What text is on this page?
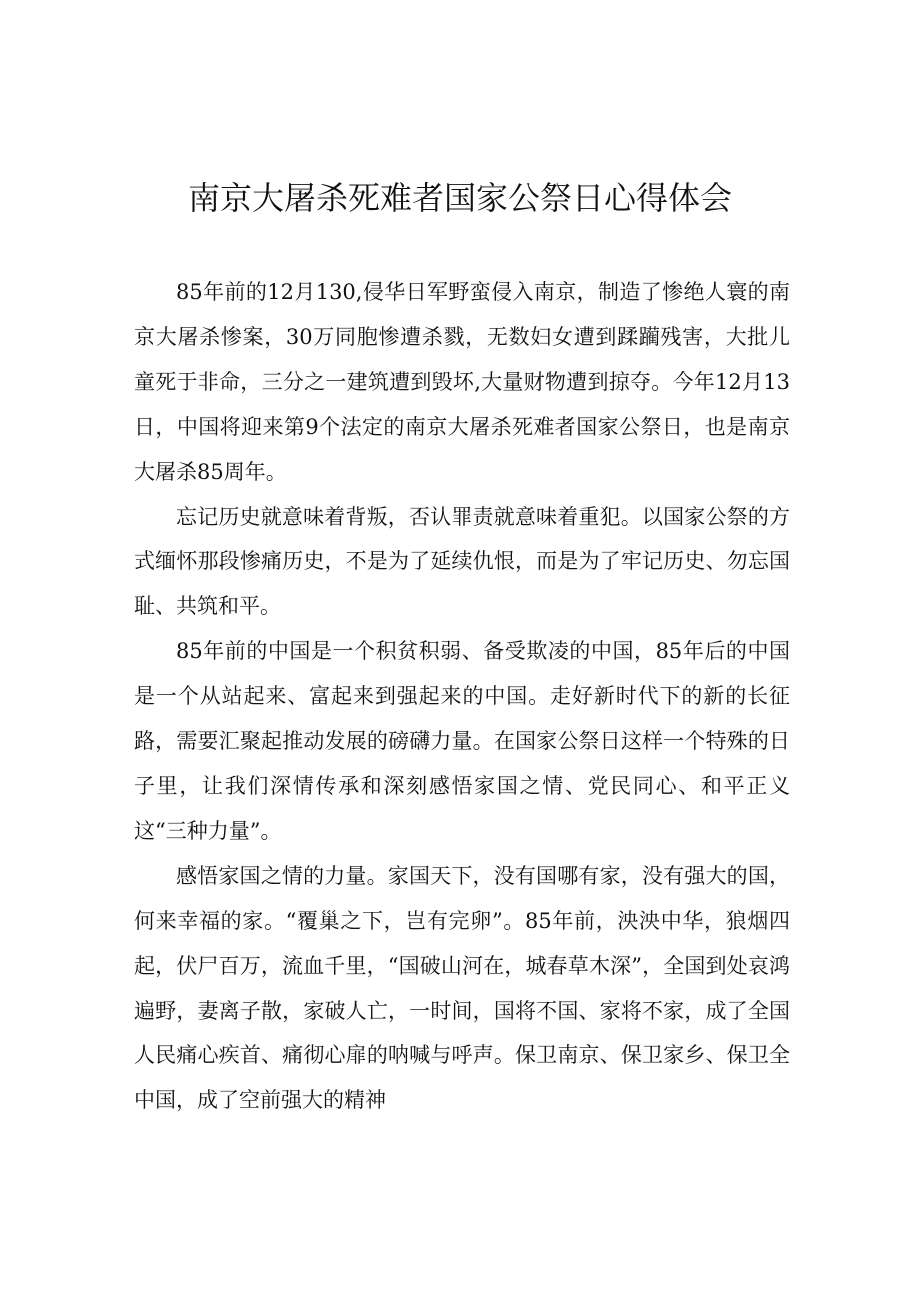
南京大屠杀死难者国家公祭日心得体会

85年前的12月130,侵华日军野蛮侵入南京，制造了惨绝人寰的南京大屠杀惨案，30万同胞惨遭杀戮，无数妇女遭到蹂躏残害，大批儿童死于非命，三分之一建筑遭到毁坏,大量财物遭到掠夺。今年12月13日，中国将迎来第9个法定的南京大屠杀死难者国家公祭日，也是南京大屠杀85周年。

忘记历史就意味着背叛，否认罪责就意味着重犯。以国家公祭的方式缅怀那段惨痛历史，不是为了延续仇恨，而是为了牢记历史、勿忘国耻、共筑和平。

85年前的中国是一个积贫积弱、备受欺凌的中国，85年后的中国是一个从站起来、富起来到强起来的中国。走好新时代下的新的长征路，需要汇聚起推动发展的磅礴力量。在国家公祭日这样一个特殊的日子里，让我们深情传承和深刻感悟家国之情、党民同心、和平正义这“三种力量”。

感悟家国之情的力量。家国天下，没有国哪有家，没有强大的国，何来幸福的家。“覆巢之下，岂有完卵”。85年前，泱泱中华，狼烟四起，伏尸百万，流血千里，“国破山河在，城春草木深”，全国到处哀鸿遍野，妻离子散，家破人亡，一时间，国将不国、家将不家，成了全国人民痛心疾首、痛彻心扉的呐喊与呼声。保卫南京、保卫家乡、保卫全中国，成了空前强大的精神
